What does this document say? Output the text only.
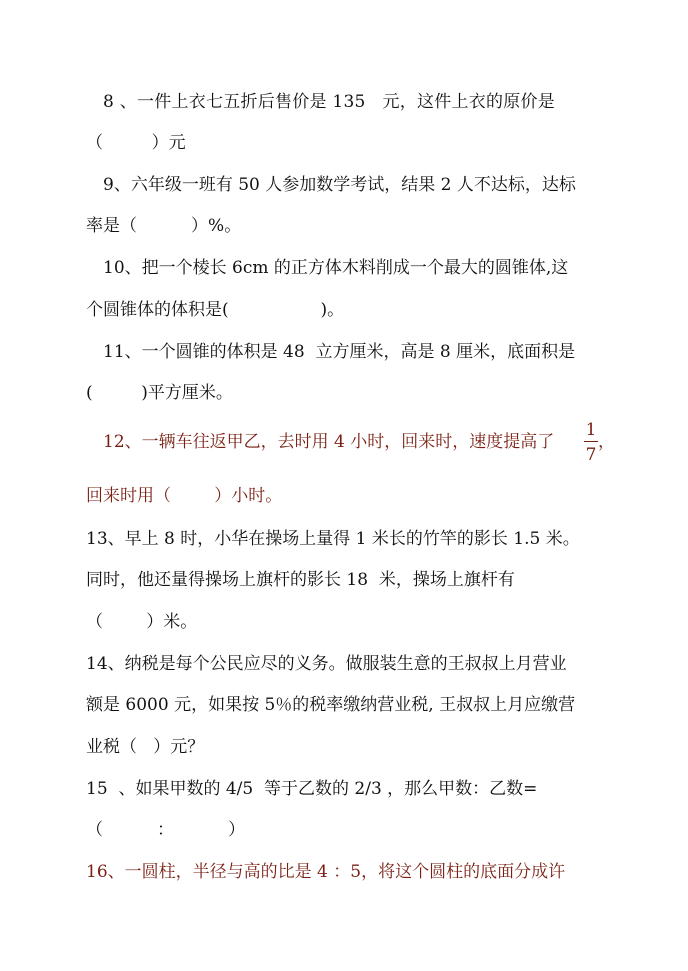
8 、一件上衣七五折后售价是 135   元，这件上衣的原价是
（         ）元
9、六年级一班有 50 人参加数学考试，结果 2 人不达标，达标
率是（          ）%。
10、把一个棱长 6cm 的正方体木料削成一个最大的圆锥体,这
个圆锥体的体积是(                 )。
11、一个圆锥的体积是 48  立方厘米，高是 8 厘米，底面积是
(         )平方厘米。
12、一辆车往返甲乙，去时用 4 小时，回来时，速度提高了
1
7
，
回来时用（        ）小时。
13、早上 8 时，小华在操场上量得 1 米长的竹竿的影长 1.5 米。
同时，他还量得操场上旗杆的影长 18  米，操场上旗杆有
（        ）米。
14、纳税是每个公民应尽的义务。做服装生意的王叔叔上月营业
额是 6000 元，如果按 5％的税率缴纳营业税, 王叔叔上月应缴营
业税（   ）元？
15  、如果甲数的 4/5  等于乙数的 2/3 ，那么甲数：乙数=
（          ：          ）
16、一圆柱，半径与高的比是 4 ：5，将这个圆柱的底面分成许
